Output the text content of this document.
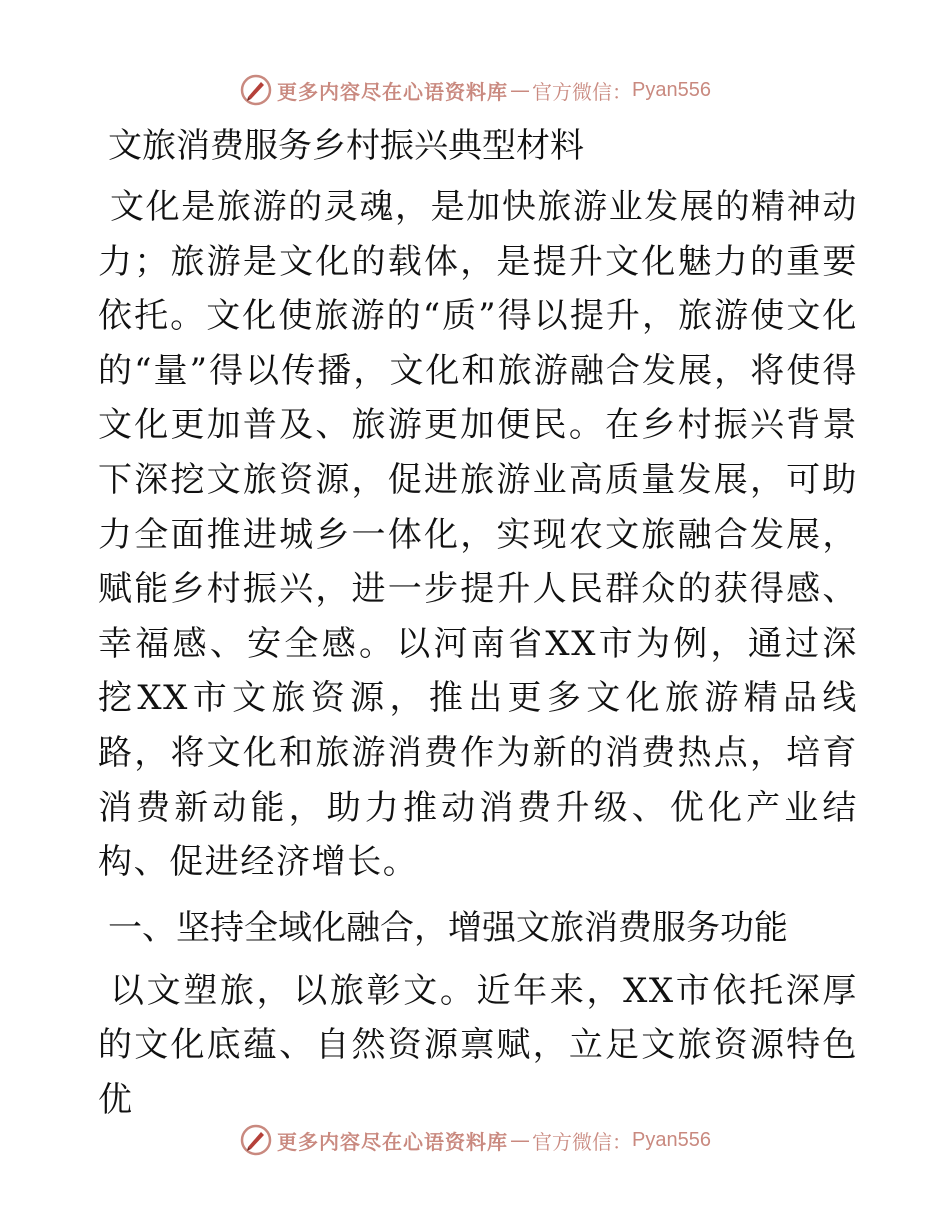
更多内容尽在心语资料库 — 官方微信： Pyan556
文旅消费服务乡村振兴典型材料

文化是旅游的灵魂，是加快旅游业发展的精神动力；旅游是文化的载体，是提升文化魅力的重要依托。文化使旅游的“质”得以提升，旅游使文化的“量”得以传播，文化和旅游融合发展，将使得文化更加普及、旅游更加便民。在乡村振兴背景下深挖文旅资源，促进旅游业高质量发展，可助力全面推进城乡一体化，实现农文旅融合发展，赋能乡村振兴，进一步提升人民群众的获得感、幸福感、安全感。以河南省XX市为例，通过深挖XX市文旅资源，推出更多文化旅游精品线路，将文化和旅游消费作为新的消费热点，培育消费新动能，助力推动消费升级、优化产业结构、促进经济增长。

一、坚持全域化融合，增强文旅消费服务功能

以文塑旅，以旅彰文。近年来，XX市依托深厚的文化底蕴、自然资源禀赋，立足文旅资源特色优

更多内容尽在心语资料库 — 官方微信： Pyan556
